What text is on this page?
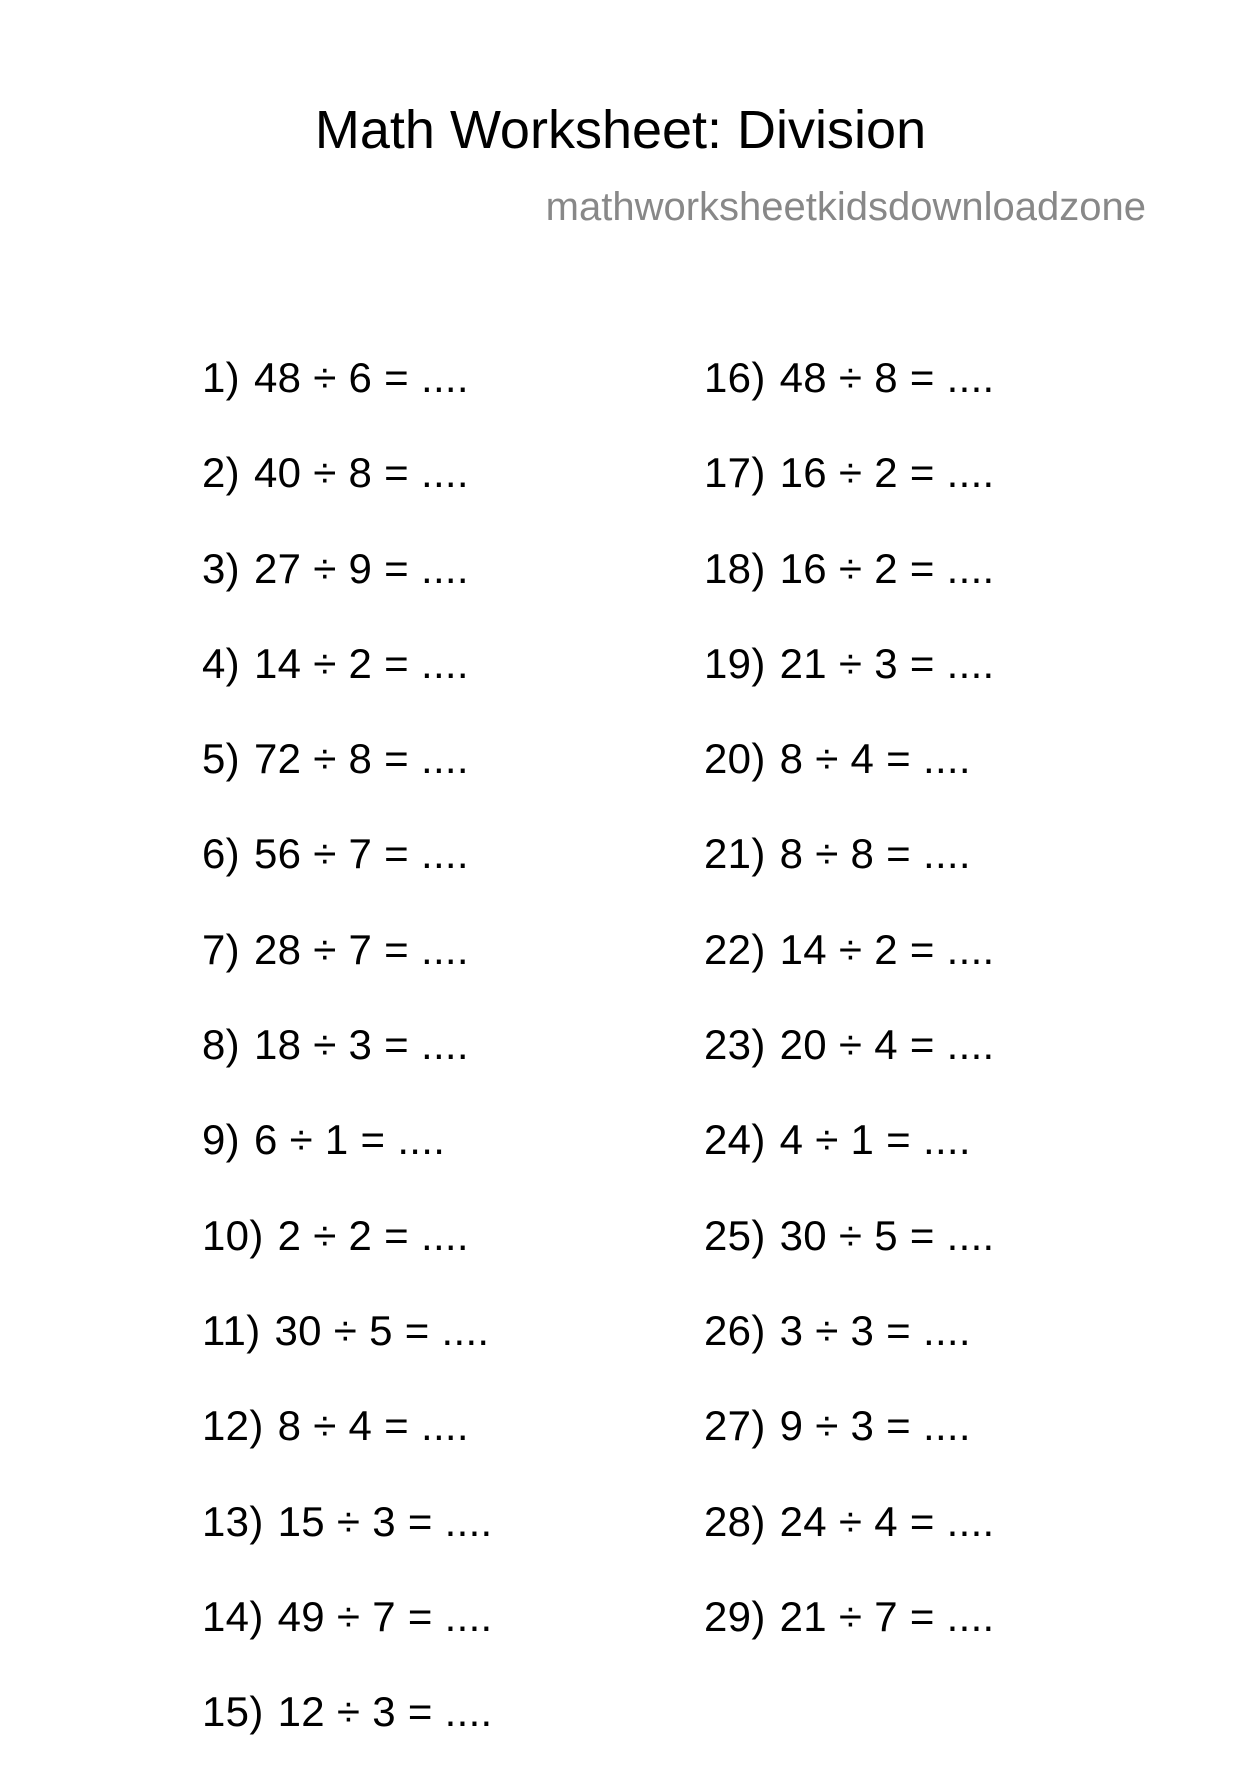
Math Worksheet: Division
mathworksheetkidsdownloadzone
1) 48 ÷ 6 = ....
2) 40 ÷ 8 = ....
3) 27 ÷ 9 = ....
4) 14 ÷ 2 = ....
5) 72 ÷ 8 = ....
6) 56 ÷ 7 = ....
7) 28 ÷ 7 = ....
8) 18 ÷ 3 = ....
9) 6 ÷ 1 = ....
10) 2 ÷ 2 = ....
11) 30 ÷ 5 = ....
12) 8 ÷ 4 = ....
13) 15 ÷ 3 = ....
14) 49 ÷ 7 = ....
15) 12 ÷ 3 = ....
16) 48 ÷ 8 = ....
17) 16 ÷ 2 = ....
18) 16 ÷ 2 = ....
19) 21 ÷ 3 = ....
20) 8 ÷ 4 = ....
21) 8 ÷ 8 = ....
22) 14 ÷ 2 = ....
23) 20 ÷ 4 = ....
24) 4 ÷ 1 = ....
25) 30 ÷ 5 = ....
26) 3 ÷ 3 = ....
27) 9 ÷ 3 = ....
28) 24 ÷ 4 = ....
29) 21 ÷ 7 = ....
